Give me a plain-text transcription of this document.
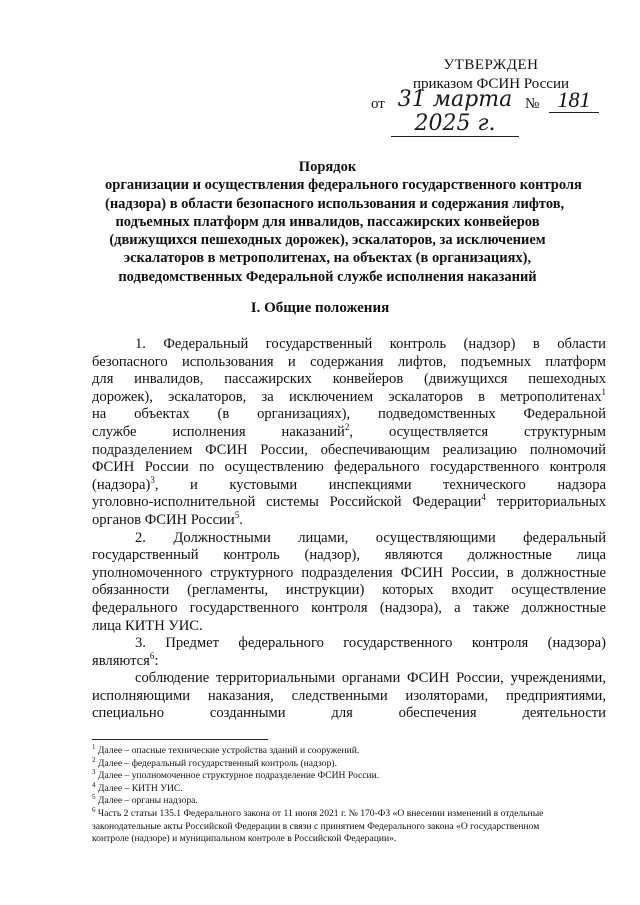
УТВЕРЖДЕН
приказом ФСИН России
от 31 марта 2025 г.
№ 181
Порядок
организации и осуществления федерального государственного контроля
(надзора) в области безопасного использования и содержания лифтов,
подъемных платформ для инвалидов, пассажирских конвейеров
(движущихся пешеходных дорожек), эскалаторов, за исключением
эскалаторов в метрополитенах, на объектах (в организациях),
подведомственных Федеральной службе исполнения наказаний
I. Общие положения
1. Федеральный государственный контроль (надзор) в области
безопасного использования и содержания лифтов, подъемных платформ
для инвалидов, пассажирских конвейеров (движущихся пешеходных
дорожек), эскалаторов, за исключением эскалаторов в метрополитенах$^1$
на объектах (в организациях), подведомственных Федеральной
службе исполнения наказаний$^2$, осуществляется структурным
подразделением ФСИН России, обеспечивающим реализацию полномочий
ФСИН России по осуществлению федерального государственного контроля
(надзора)$^3$, и кустовыми инспекциями технического надзора
уголовно-исполнительной системы Российской Федерации$^4$ территориальных
органов ФСИН России$^5$.
2. Должностными лицами, осуществляющими федеральный
государственный контроль (надзор), являются должностные лица
уполномоченного структурного подразделения ФСИН России, в должностные
обязанности (регламенты, инструкции) которых входит осуществление
федерального государственного контроля (надзора), а также должностные
лица КИТН УИС.
3. Предмет федерального государственного контроля (надзора)
являются$^6$:
соблюдение территориальными органами ФСИН России, учреждениями,
исполняющими наказания, следственными изоляторами, предприятиями,
специально созданными для обеспечения деятельности
$^1$ Далее – опасные технические устройства зданий и сооружений.
$^2$ Далее – федеральный государственный контроль (надзор).
$^3$ Далее – уполномоченное структурное подразделение ФСИН России.
$^4$ Далее – КИТН УИС.
$^5$ Далее – органы надзора.
$^6$ Часть 2 статьи 135.1 Федерального закона от 11 июня 2021 г. № 170-ФЗ «О внесении изменений в отдельные
законодательные акты Российской Федерации в связи с принятием Федерального закона «О государственном
контроле (надзоре) и муниципальном контроле в Российской Федерации».
